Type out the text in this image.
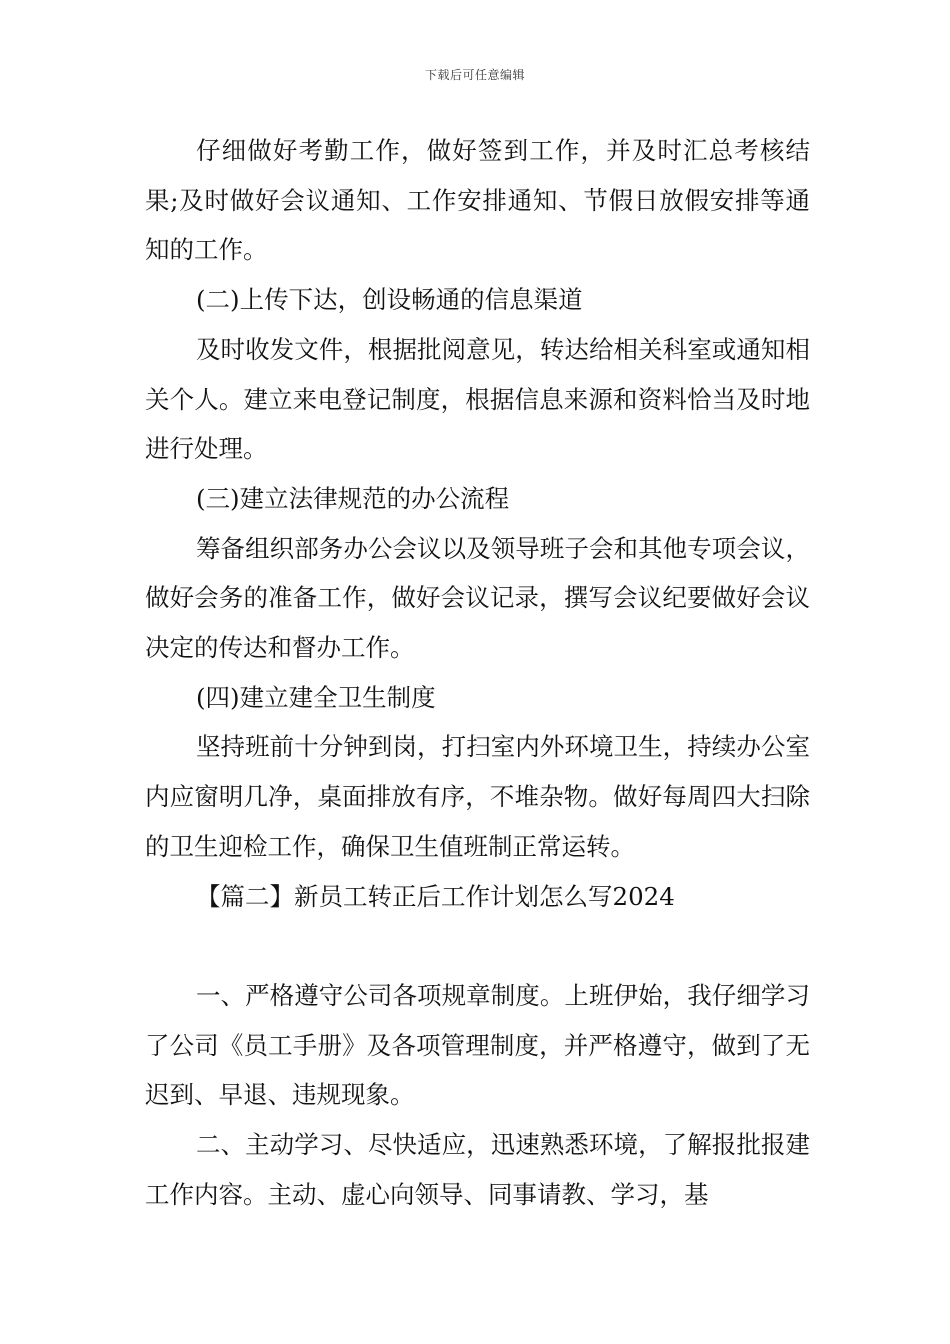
下载后可任意编辑

仔细做好考勤工作，做好签到工作，并及时汇总考核结果;及时做好会议通知、工作安排通知、节假日放假安排等通知的工作。

(二)上传下达，创设畅通的信息渠道

及时收发文件，根据批阅意见，转达给相关科室或通知相关个人。建立来电登记制度，根据信息来源和资料恰当及时地进行处理。

(三)建立法律规范的办公流程

筹备组织部务办公会议以及领导班子会和其他专项会议，做好会务的准备工作，做好会议记录，撰写会议纪要做好会议决定的传达和督办工作。

(四)建立建全卫生制度

坚持班前十分钟到岗，打扫室内外环境卫生，持续办公室内应窗明几净，桌面排放有序，不堆杂物。做好每周四大扫除的卫生迎检工作，确保卫生值班制正常运转。

【篇二】新员工转正后工作计划怎么写2024

一、严格遵守公司各项规章制度。上班伊始，我仔细学习了公司《员工手册》及各项管理制度，并严格遵守，做到了无迟到、早退、违规现象。

二、主动学习、尽快适应，迅速熟悉环境，了解报批报建工作内容。主动、虚心向领导、同事请教、学习，基
